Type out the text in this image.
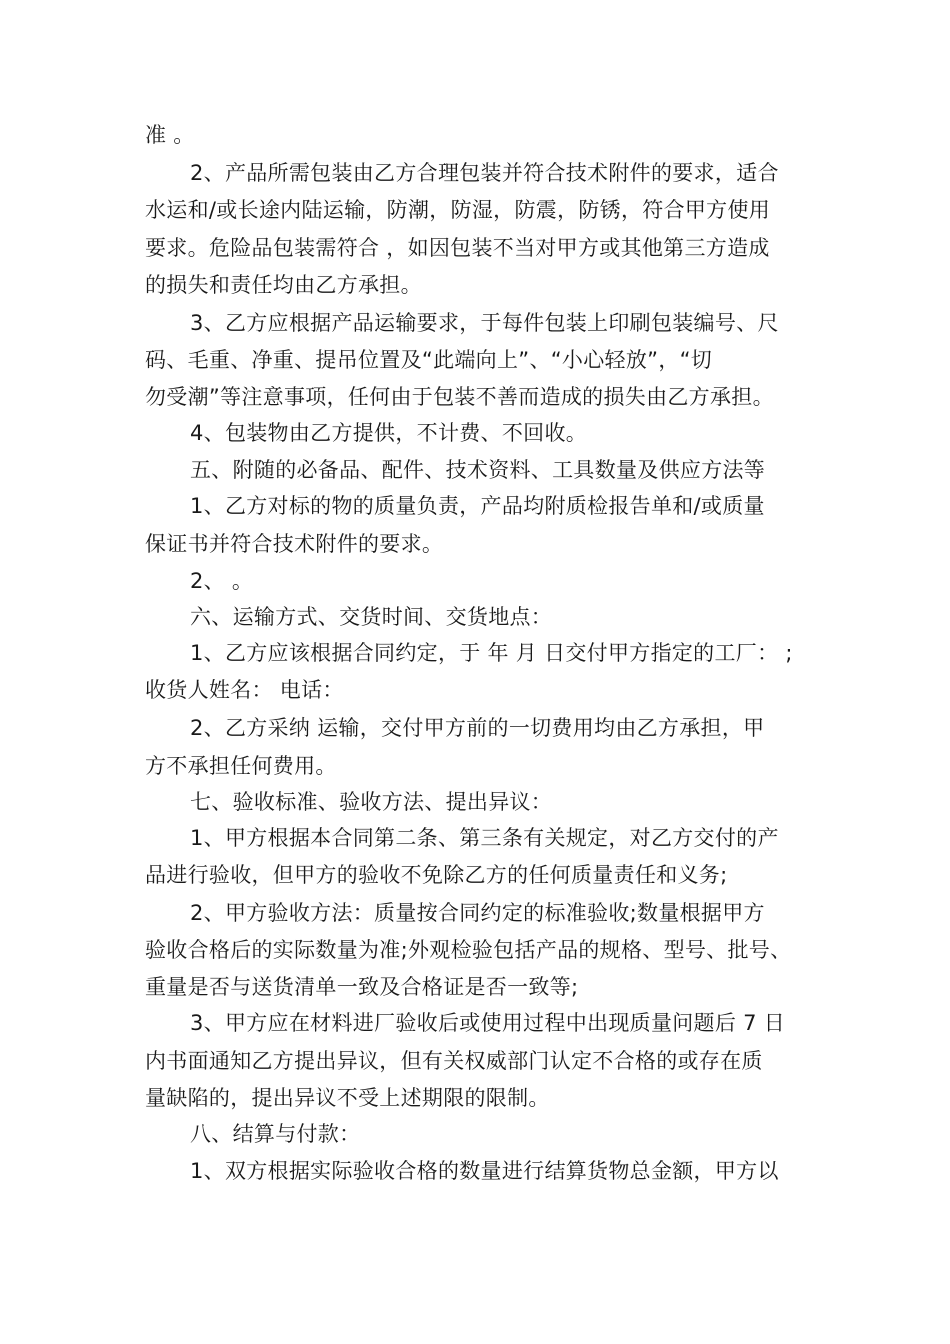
准 。
2、产品所需包装由乙方合理包装并符合技术附件的要求，适合
水运和/或长途内陆运输，防潮，防湿，防震，防锈，符合甲方使用
要求。危险品包装需符合 ，如因包装不当对甲方或其他第三方造成
的损失和责任均由乙方承担。
3、乙方应根据产品运输要求，于每件包装上印刷包装编号、尺
码、毛重、净重、提吊位置及“此端向上”、“小心轻放”，“切
勿受潮”等注意事项，任何由于包装不善而造成的损失由乙方承担。
4、包装物由乙方提供，不计费、不回收。
五、附随的必备品、配件、技术资料、工具数量及供应方法等
1、乙方对标的物的质量负责，产品均附质检报告单和/或质量
保证书并符合技术附件的要求。
2、 。
六、运输方式、交货时间、交货地点：
1、乙方应该根据合同约定，于 年 月 日交付甲方指定的工厂： ;
收货人姓名： 电话：
2、乙方采纳 运输，交付甲方前的一切费用均由乙方承担，甲
方不承担任何费用。
七、验收标准、验收方法、提出异议：
1、甲方根据本合同第二条、第三条有关规定，对乙方交付的产
品进行验收，但甲方的验收不免除乙方的任何质量责任和义务;
2、甲方验收方法：质量按合同约定的标准验收;数量根据甲方
验收合格后的实际数量为准;外观检验包括产品的规格、型号、批号、
重量是否与送货清单一致及合格证是否一致等;
3、甲方应在材料进厂验收后或使用过程中出现质量问题后 7 日
内书面通知乙方提出异议，但有关权威部门认定不合格的或存在质
量缺陷的，提出异议不受上述期限的限制。
八、结算与付款：
1、双方根据实际验收合格的数量进行结算货物总金额，甲方以
